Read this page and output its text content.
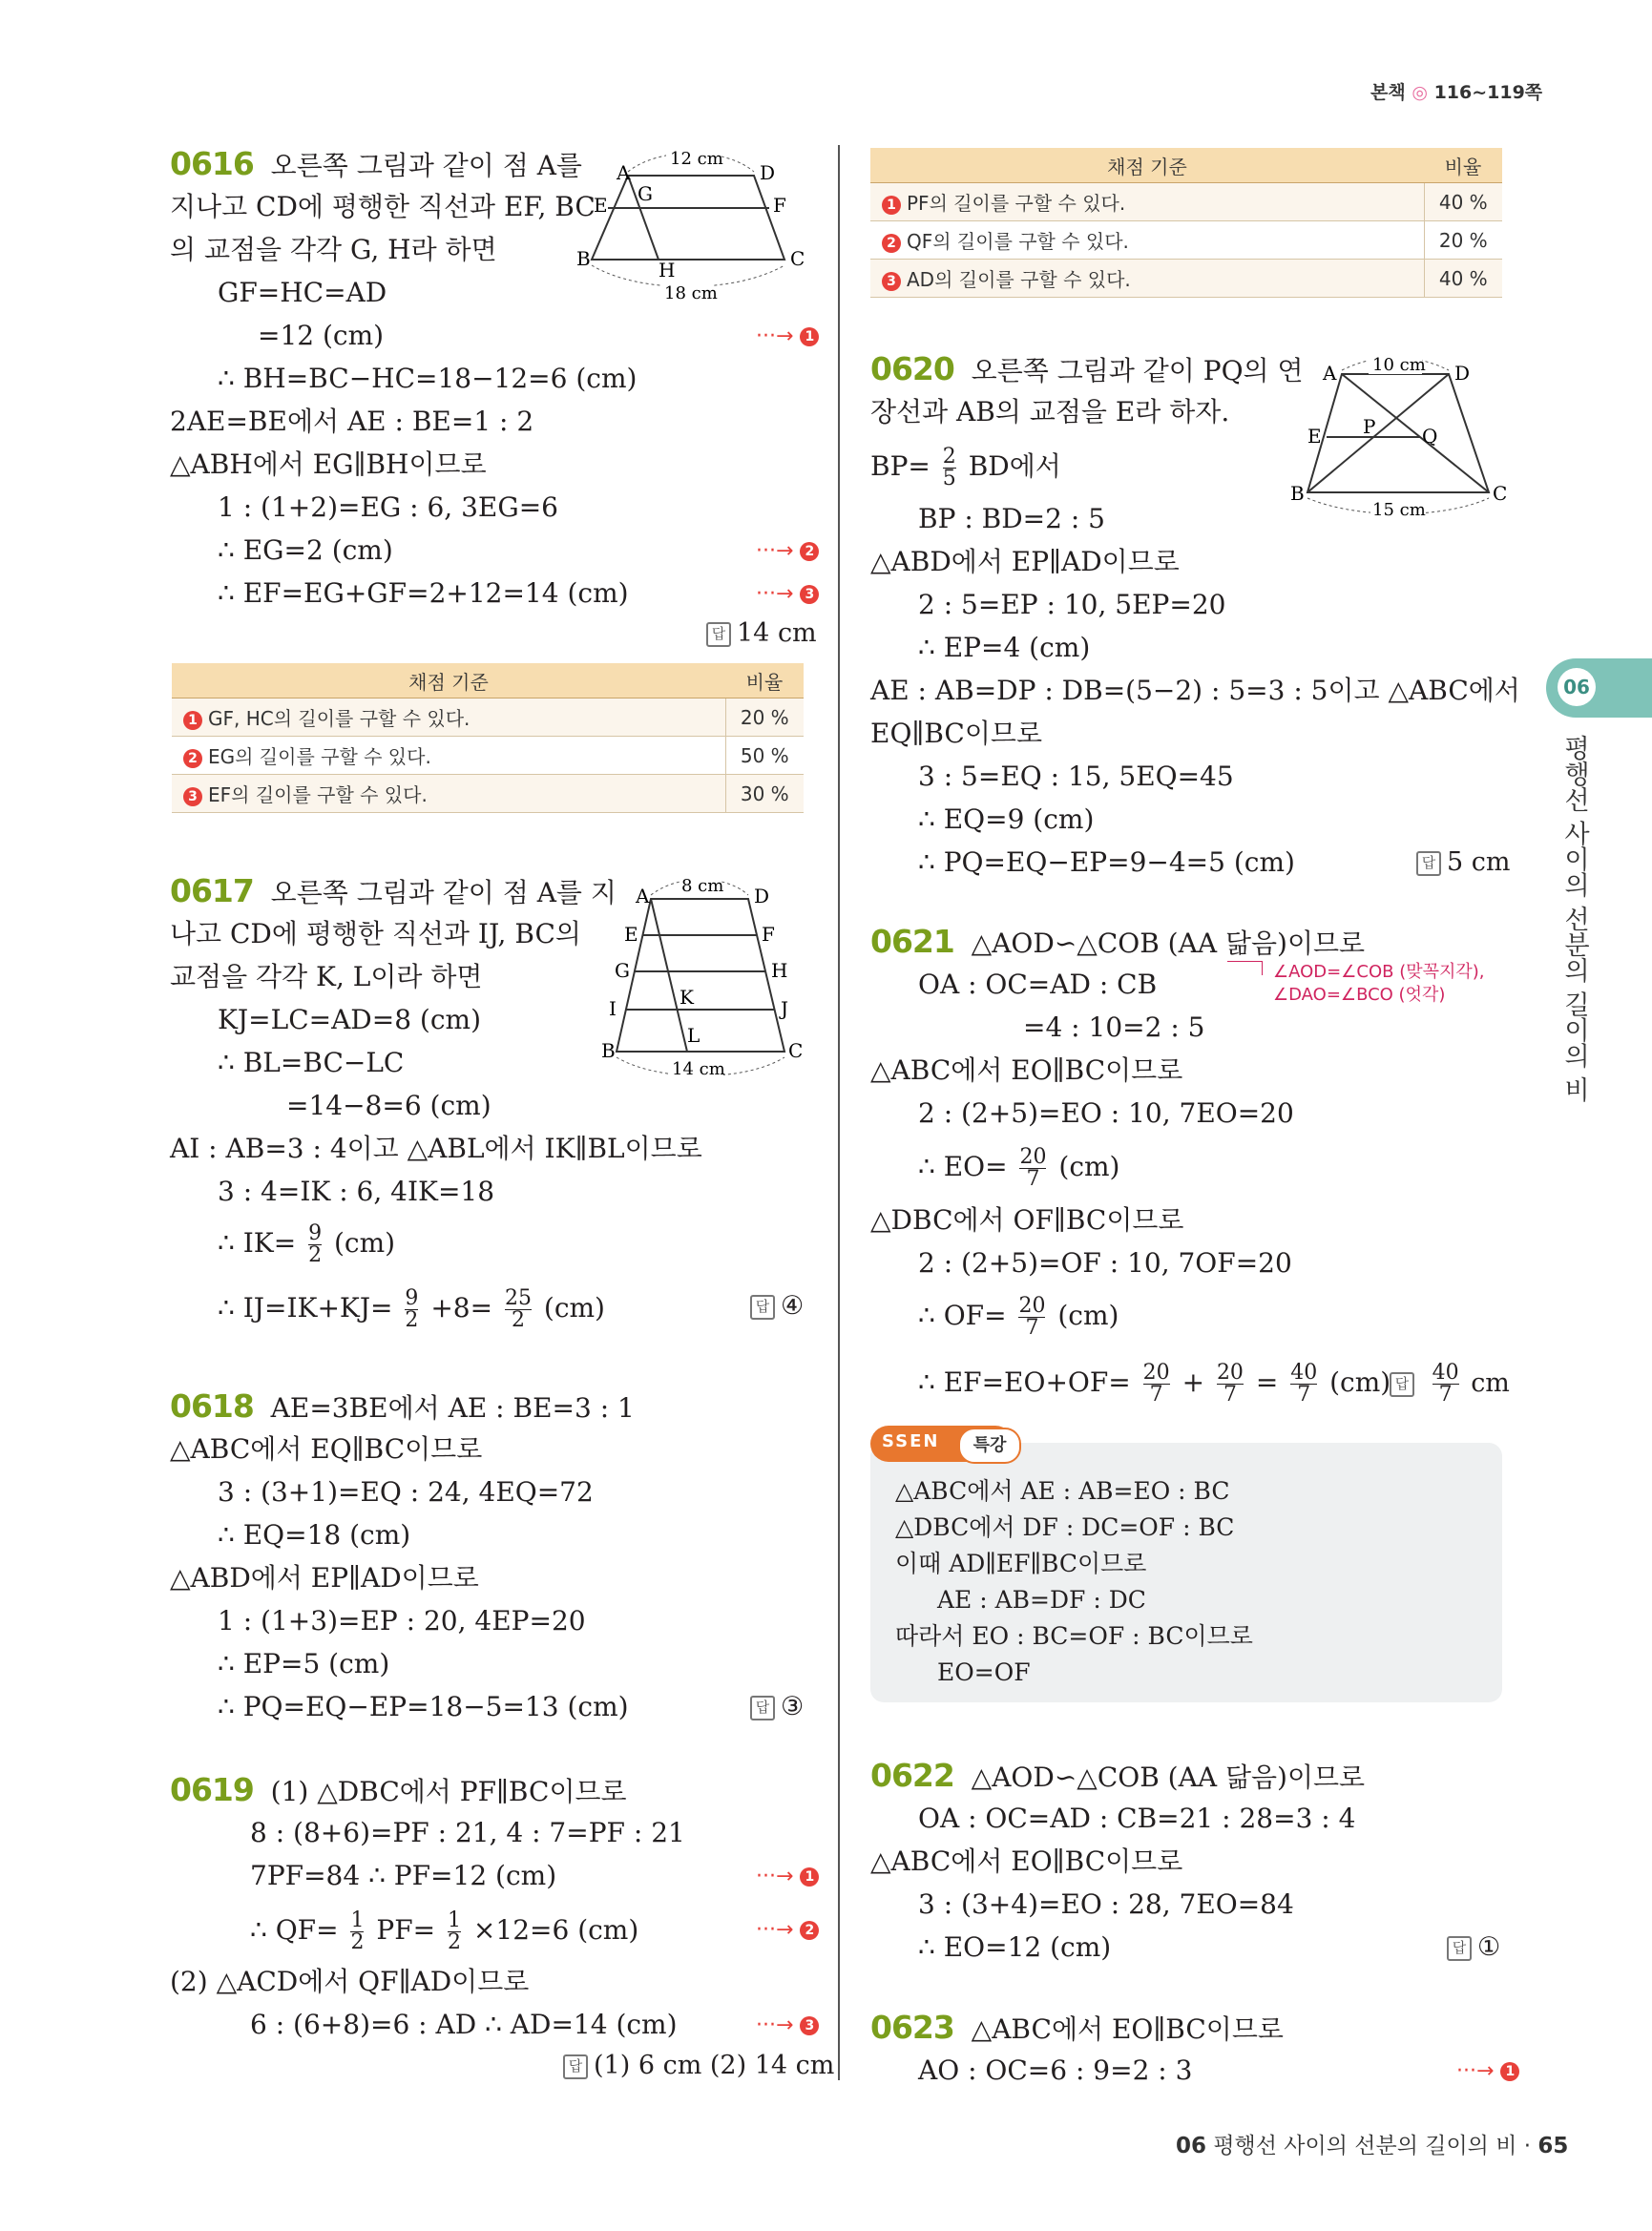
본책 ◎ 116~119쪽
06
평행선 사이의 선분의 길이의 비
06 평행선 사이의 선분의 길이의 비 · 65
0616 오른쪽 그림과 같이 점 A를
지나고 CD에 평행한 직선과 EF, BC
의 교점을 각각 G, H라 하면
GF=HC=AD
=12 (cm)
∴ BH=BC−HC=18−12=6 (cm)
2AE=BE에서 AE : BE=1 : 2
△ABH에서 EG∥BH이므로
1 : (1+2)=EG : 6, 3EG=6
∴ EG=2 (cm)
∴ EF=EG+GF=2+12=14 (cm)
···→ 1
···→ 2
···→ 3
답 14 cm
12 cm
18 cm
A	D
E	F
B	C
G
H
채점 기준	비율
1 GF, HC의 길이를 구할 수 있다.	20 %
2 EG의 길이를 구할 수 있다.	50 %
3 EF의 길이를 구할 수 있다.	30 %
0617 오른쪽 그림과 같이 점 A를 지
나고 CD에 평행한 직선과 IJ, BC의
교점을 각각 K, L이라 하면
KJ=LC=AD=8 (cm)
∴ BL=BC−LC
=14−8=6 (cm)
AI : AB=3 : 4이고 △ABL에서 IK∥BL이므로
3 : 4=IK : 6, 4IK=18
∴ $IK= \frac{9}{2} (cm)$
∴ $IJ=IK+KJ= \frac{9}{2} +8= \frac{25}{2} (cm)$	답 ④
8 cm
14 cm
A	D
E	F
G	H
I	J
K
L
B	C
0618 AE=3BE에서 AE : BE=3 : 1
△ABC에서 EQ∥BC이므로
3 : (3+1)=EQ : 24, 4EQ=72
∴ EQ=18 (cm)
△ABD에서 EP∥AD이므로
1 : (1+3)=EP : 20, 4EP=20
∴ EP=5 (cm)
∴ PQ=EQ−EP=18−5=13 (cm)	답 ③
0619 (1) △DBC에서 PF∥BC이므로
8 : (8+6)=PF : 21, 4 : 7=PF : 21
7PF=84 ∴ PF=12 (cm)
∴ $QF= \frac{1}{2} PF= \frac{1}{2} \times 12=6$ (cm)
(2) △ACD에서 QF∥AD이므로
6 : (6+8)=6 : AD ∴ AD=14 (cm)
···→ 1
···→ 2
···→ 3
답 (1) 6 cm (2) 14 cm
채점 기준	비율
1 PF의 길이를 구할 수 있다.	40 %
2 QF의 길이를 구할 수 있다.	20 %
3 AD의 길이를 구할 수 있다.	40 %
0620 오른쪽 그림과 같이 PQ의 연
장선과 AB의 교점을 E라 하자.
$BP= \frac{2}{5}$ BD에서
BP : BD=2 : 5
△ABD에서 EP∥AD이므로
2 : 5=EP : 10, 5EP=20
∴ EP=4 (cm)
AE : AB=DP : DB=(5−2) : 5=3 : 5이고 △ABC에서
EQ∥BC이므로
3 : 5=EQ : 15, 5EQ=45
∴ EQ=9 (cm)
∴ PQ=EQ−EP=9−4=5 (cm)	답 5 cm
10 cm
15 cm
A	D
E P Q
B	C
0621 △AOD∽△COB (AA 닮음)이므로
OA : OC=AD : CB
=4 : 10=2 : 5
△ABC에서 EO∥BC이므로
2 : (2+5)=EO : 10, 7EO=20
∴ $EO= \frac{20}{7} (cm)$
△DBC에서 OF∥BC이므로
2 : (2+5)=OF : 10, 7OF=20
∴ $OF= \frac{20}{7} (cm)$
∴ $EF=EO+OF= \frac{20}{7} + \frac{20}{7} = \frac{40}{7} (cm)$ 답 $\frac{40}{7}$ cm
∠AOD=∠COB (맞꼭지각),
∠DAO=∠BCO (엇각)
SSEN	특강
△ABC에서 AE : AB=EO : BC
△DBC에서 DF : DC=OF : BC
이때 AD∥EF∥BC이므로
AE : AB=DF : DC
따라서 EO : BC=OF : BC이므로
EO=OF
0622 △AOD∽△COB (AA 닮음)이므로
OA : OC=AD : CB=21 : 28=3 : 4
△ABC에서 EO∥BC이므로
3 : (3+4)=EO : 28, 7EO=84
∴ EO=12 (cm)	답 ①
0623 △ABC에서 EO∥BC이므로
AO : OC=6 : 9=2 : 3	···→ 1
